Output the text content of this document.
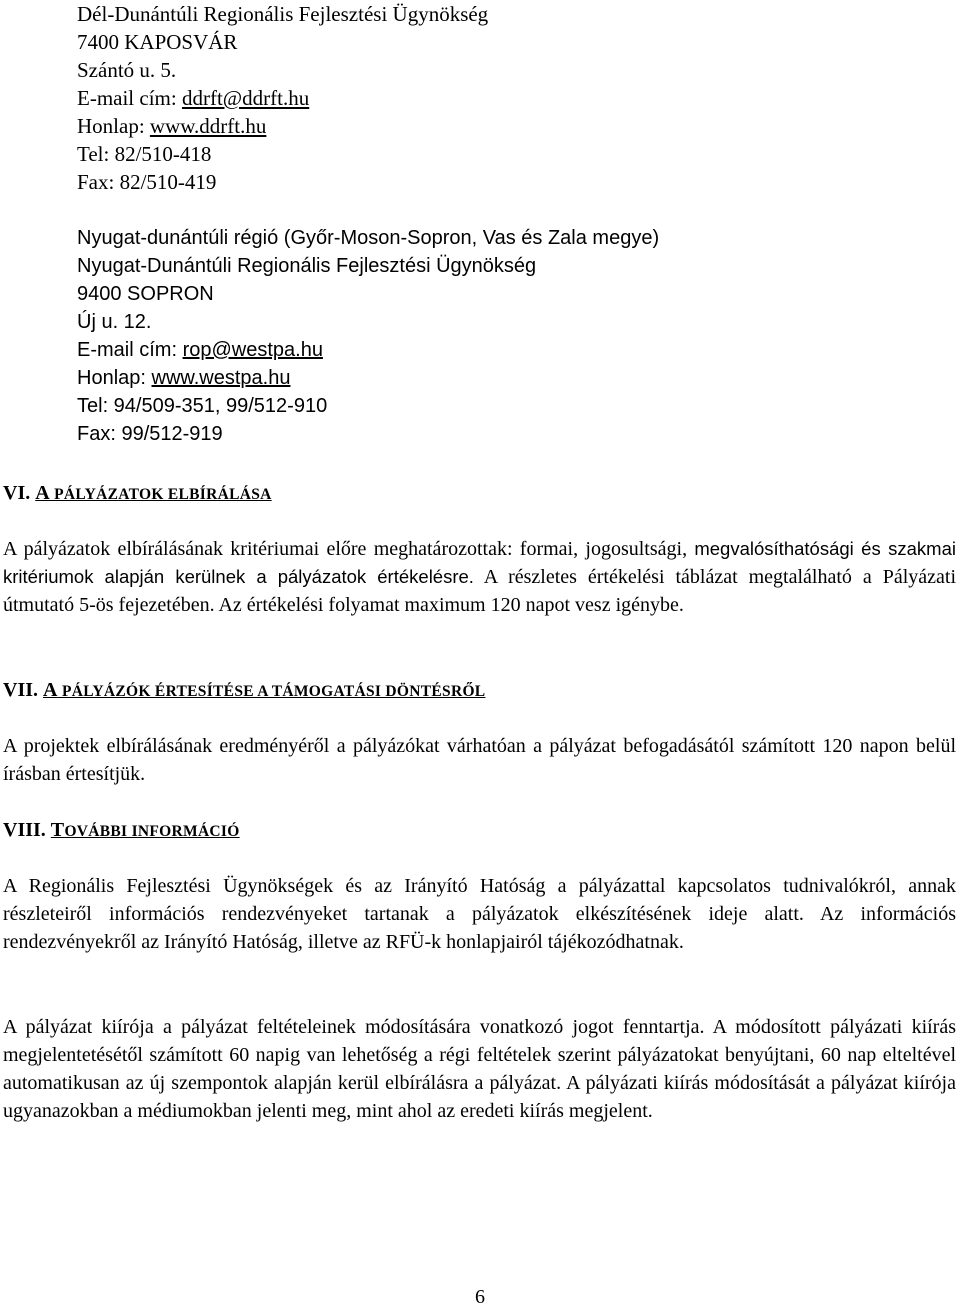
Dél-Dunántúli Regionális Fejlesztési Ügynökség
7400 KAPOSVÁR
Szántó u. 5.
E-mail cím: ddrft@ddrft.hu
Honlap: www.ddrft.hu
Tel: 82/510-418
Fax: 82/510-419
Nyugat-dunántúli régió (Győr-Moson-Sopron, Vas és Zala megye)
Nyugat-Dunántúli Regionális Fejlesztési Ügynökség
9400 SOPRON
Új u. 12.
E-mail cím: rop@westpa.hu
Honlap: www.westpa.hu
Tel: 94/509-351, 99/512-910
Fax: 99/512-919
VI. A PÁLYÁZATOK ELBÍRÁLÁSA

A pályázatok elbírálásának kritériumai előre meghatározottak: formai, jogosultsági, megvalósíthatósági és szakmai kritériumok alapján kerülnek a pályázatok értékelésre. A részletes értékelési táblázat megtalálható a Pályázati útmutató 5-ös fejezetében. Az értékelési folyamat maximum 120 napot vesz igénybe.

VII. A PÁLYÁZÓK ÉRTESÍTÉSE A TÁMOGATÁSI DÖNTÉSRŐL

A projektek elbírálásának eredményéről a pályázókat várhatóan a pályázat befogadásától számított 120 napon belül írásban értesítjük.

VIII. TOVÁBBI INFORMÁCIÓ

A Regionális Fejlesztési Ügynökségek és az Irányító Hatóság a pályázattal kapcsolatos tudnivalókról, annak részleteiről információs rendezvényeket tartanak a pályázatok elkészítésének ideje alatt. Az információs rendezvényekről az Irányító Hatóság, illetve az RFÜ-k honlapjairól tájékozódhatnak.

A pályázat kiírója a pályázat feltételeinek módosítására vonatkozó jogot fenntartja. A módosított pályázati kiírás megjelentetésétől számított 60 napig van lehetőség a régi feltételek szerint pályázatokat benyújtani, 60 nap elteltével automatikusan az új szempontok alapján kerül elbírálásra a pályázat. A pályázati kiírás módosítását a pályázat kiírója ugyanazokban a médiumokban jelenti meg, mint ahol az eredeti kiírás megjelent.

6
